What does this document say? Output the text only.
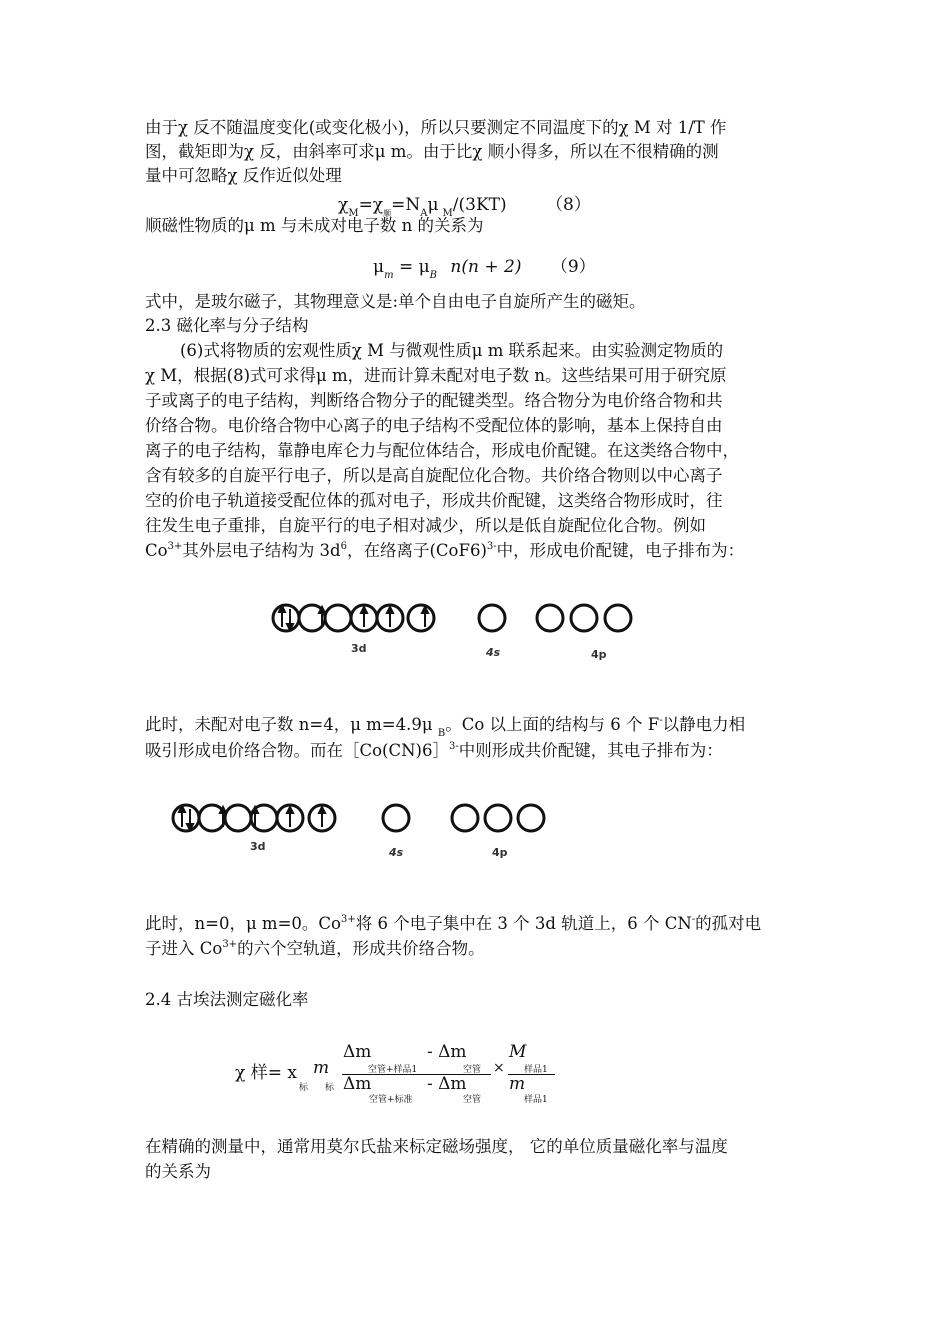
由于χ 反不随温度变化(或变化极小)，所以只要测定不同温度下的χ M 对 1/T 作
图，截矩即为χ 反，由斜率可求μ m。由于比χ 顺小得多，所以在不很精确的测
量中可忽略χ 反作近似处理
$\chi_M=\chi_顺=N_A\mu$ $_M$/(3KT) （8）
顺磁性物质的μ m 与未成对电子数 n 的关系为
$\mu_m = \mu_B$ n(n + 2) （9）
式中，是玻尔磁子，其物理意义是:单个自由电子自旋所产生的磁矩。
2.3 磁化率与分子结构
(6)式将物质的宏观性质χ M 与微观性质μ m 联系起来。由实验测定物质的
χ M，根据(8)式可求得μ m，进而计算未配对电子数 n。这些结果可用于研究原
子或离子的电子结构，判断络合物分子的配键类型。络合物分为电价络合物和共
价络合物。电价络合物中心离子的电子结构不受配位体的影响，基本上保持自由
离子的电子结构，靠静电库仑力与配位体结合，形成电价配键。在这类络合物中，
含有较多的自旋平行电子，所以是高自旋配位化合物。共价络合物则以中心离子
空的价电子轨道接受配位体的孤对电子，形成共价配键，这类络合物形成时，往
往发生电子重排，自旋平行的电子相对减少，所以是低自旋配位化合物。例如
$Co^{3+}$其外层电子结构为 $3d^6$，在络离子$(CoF6)^{3-}$中，形成电价配键，电子排布为：
3d	4s	4p
此时，未配对电子数 n=4，μ m=4.9μ $_B$。Co 以上面的结构与 6 个 F-以静电力相
吸引形成电价络合物。而在［Co(CN)6］$^{3-}$中则形成共价配键，其电子排布为：
3d	4s	4p
此时，n=0，μ m=0。$Co^{3+}$将 6 个电子集中在 3 个 3d 轨道上，6 个 CN-的孤对电
子进入 $Co^{3+}$的六个空轨道，形成共价络合物。
2.4 古埃法测定磁化率
χ 样= x
标
m
标
Δm
空管+样品1
- Δm
空管
Δm
空管+标准
- Δm
空管
×
M
样品1
m
样品1
在精确的测量中，通常用莫尔氏盐来标定磁场强度， 它的单位质量磁化率与温度
的关系为
